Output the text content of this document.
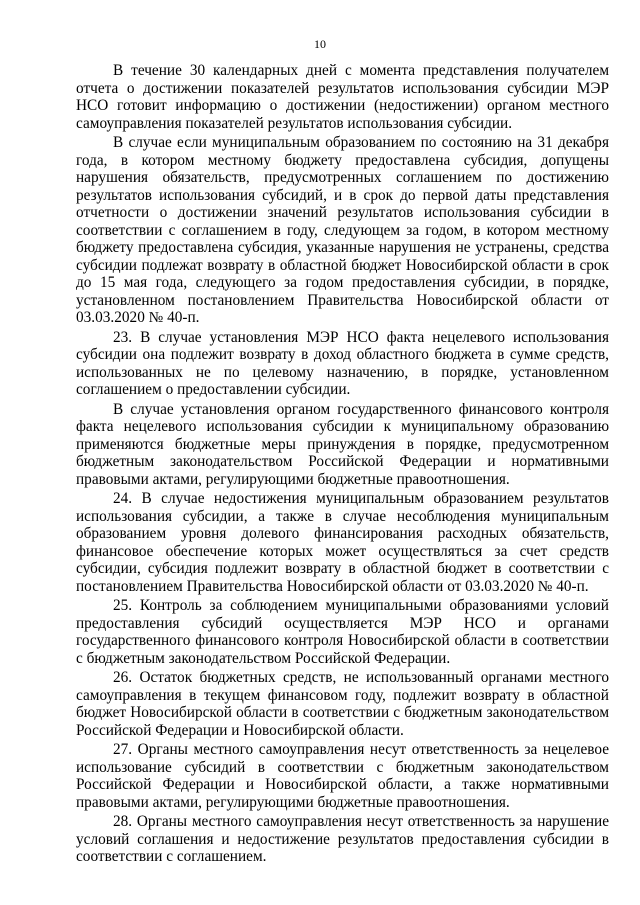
10

В течение 30 календарных дней с момента представления получателем отчета о достижении показателей результатов использования субсидии МЭР НСО готовит информацию о достижении (недостижении) органом местного самоуправления показателей результатов использования субсидии.

В случае если муниципальным образованием по состоянию на 31 декабря года, в котором местному бюджету предоставлена субсидия, допущены нарушения обязательств, предусмотренных соглашением по достижению результатов использования субсидий, и в срок до первой даты представления отчетности о достижении значений результатов использования субсидии в соответствии с соглашением в году, следующем за годом, в котором местному бюджету предоставлена субсидия, указанные нарушения не устранены, средства субсидии подлежат возврату в областной бюджет Новосибирской области в срок до 15 мая года, следующего за годом предоставления субсидии, в порядке, установленном постановлением Правительства Новосибирской области от 03.03.2020 № 40-п.

23. В случае установления МЭР НСО факта нецелевого использования субсидии она подлежит возврату в доход областного бюджета в сумме средств, использованных не по целевому назначению, в порядке, установленном соглашением о предоставлении субсидии.

В случае установления органом государственного финансового контроля факта нецелевого использования субсидии к муниципальному образованию применяются бюджетные меры принуждения в порядке, предусмотренном бюджетным законодательством Российской Федерации и нормативными правовыми актами, регулирующими бюджетные правоотношения.

24. В случае недостижения муниципальным образованием результатов использования субсидии, а также в случае несоблюдения муниципальным образованием уровня долевого финансирования расходных обязательств, финансовое обеспечение которых может осуществляться за счет средств субсидии, субсидия подлежит возврату в областной бюджет в соответствии с постановлением Правительства Новосибирской области от 03.03.2020 № 40-п.

25. Контроль за соблюдением муниципальными образованиями условий предоставления субсидий осуществляется МЭР НСО и органами государственного финансового контроля Новосибирской области в соответствии с бюджетным законодательством Российской Федерации.

26. Остаток бюджетных средств, не использованный органами местного самоуправления в текущем финансовом году, подлежит возврату в областной бюджет Новосибирской области в соответствии с бюджетным законодательством Российской Федерации и Новосибирской области.

27. Органы местного самоуправления несут ответственность за нецелевое использование субсидий в соответствии с бюджетным законодательством Российской Федерации и Новосибирской области, а также нормативными правовыми актами, регулирующими бюджетные правоотношения.

28. Органы местного самоуправления несут ответственность за нарушение условий соглашения и недостижение результатов предоставления субсидии в соответствии с соглашением.
